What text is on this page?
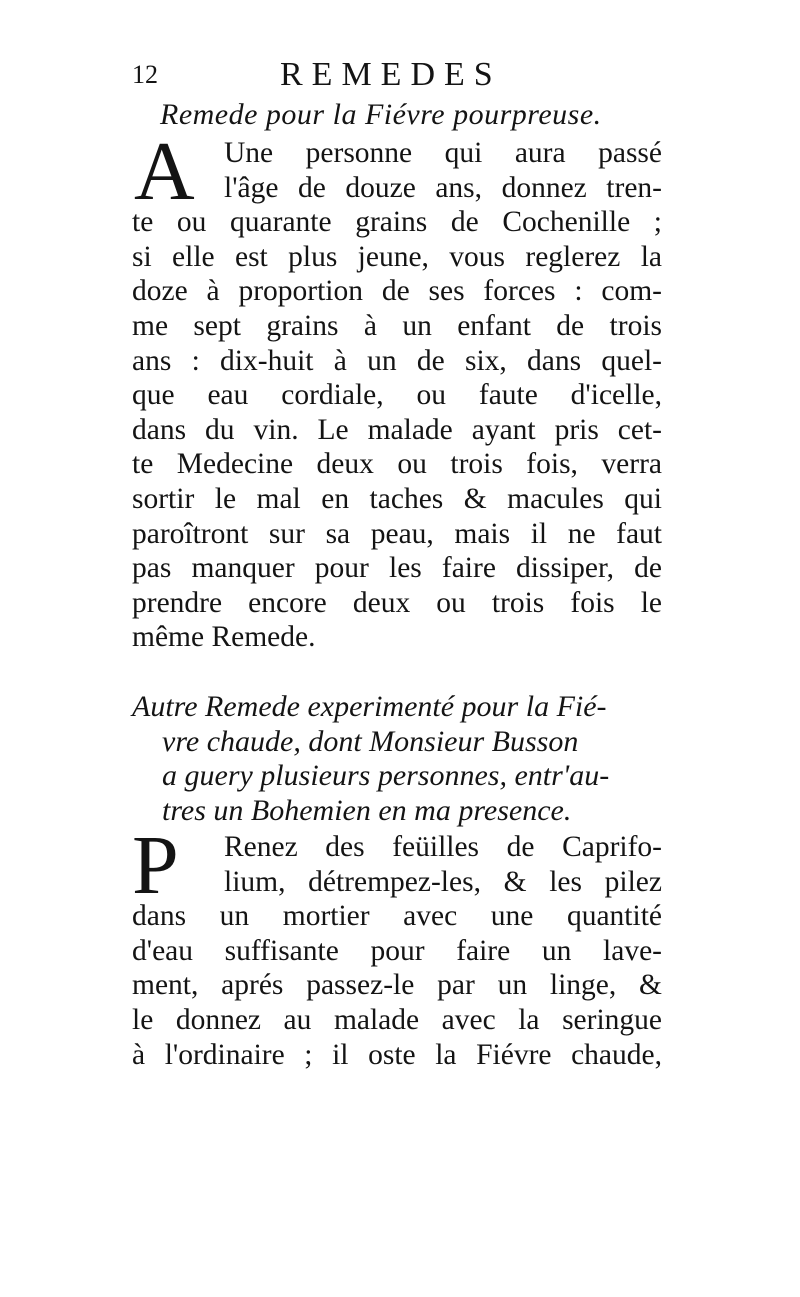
12	REMEDES
Remede pour la Fiévre pourpreuse.
A Une personne qui aura passé
l'âge de douze ans, donnez tren-
te ou quarante grains de Cochenille ;
si elle est plus jeune, vous reglerez la
doze à proportion de ses forces : com-
me sept grains à un enfant de trois
ans : dix-huit à un de six, dans quel-
que eau cordiale, ou faute d'icelle,
dans du vin. Le malade ayant pris cet-
te Medecine deux ou trois fois, verra
sortir le mal en taches & macules qui
paroîtront sur sa peau, mais il ne faut
pas manquer pour les faire dissiper, de
prendre encore deux ou trois fois le
même Remede.
Autre Remede experimenté pour la Fié-
vre chaude, dont Monsieur Busson
a guery plusieurs personnes, entr'au-
tres un Bohemien en ma presence.
P	Renez des feüilles de Caprifo-
lium, détrempez-les, & les pilez
dans un mortier avec une quantité
d'eau suffisante pour faire un lave-
ment, aprés passez-le par un linge, &
le donnez au malade avec la seringue
à l'ordinaire ; il oste la Fiévre chaude,
